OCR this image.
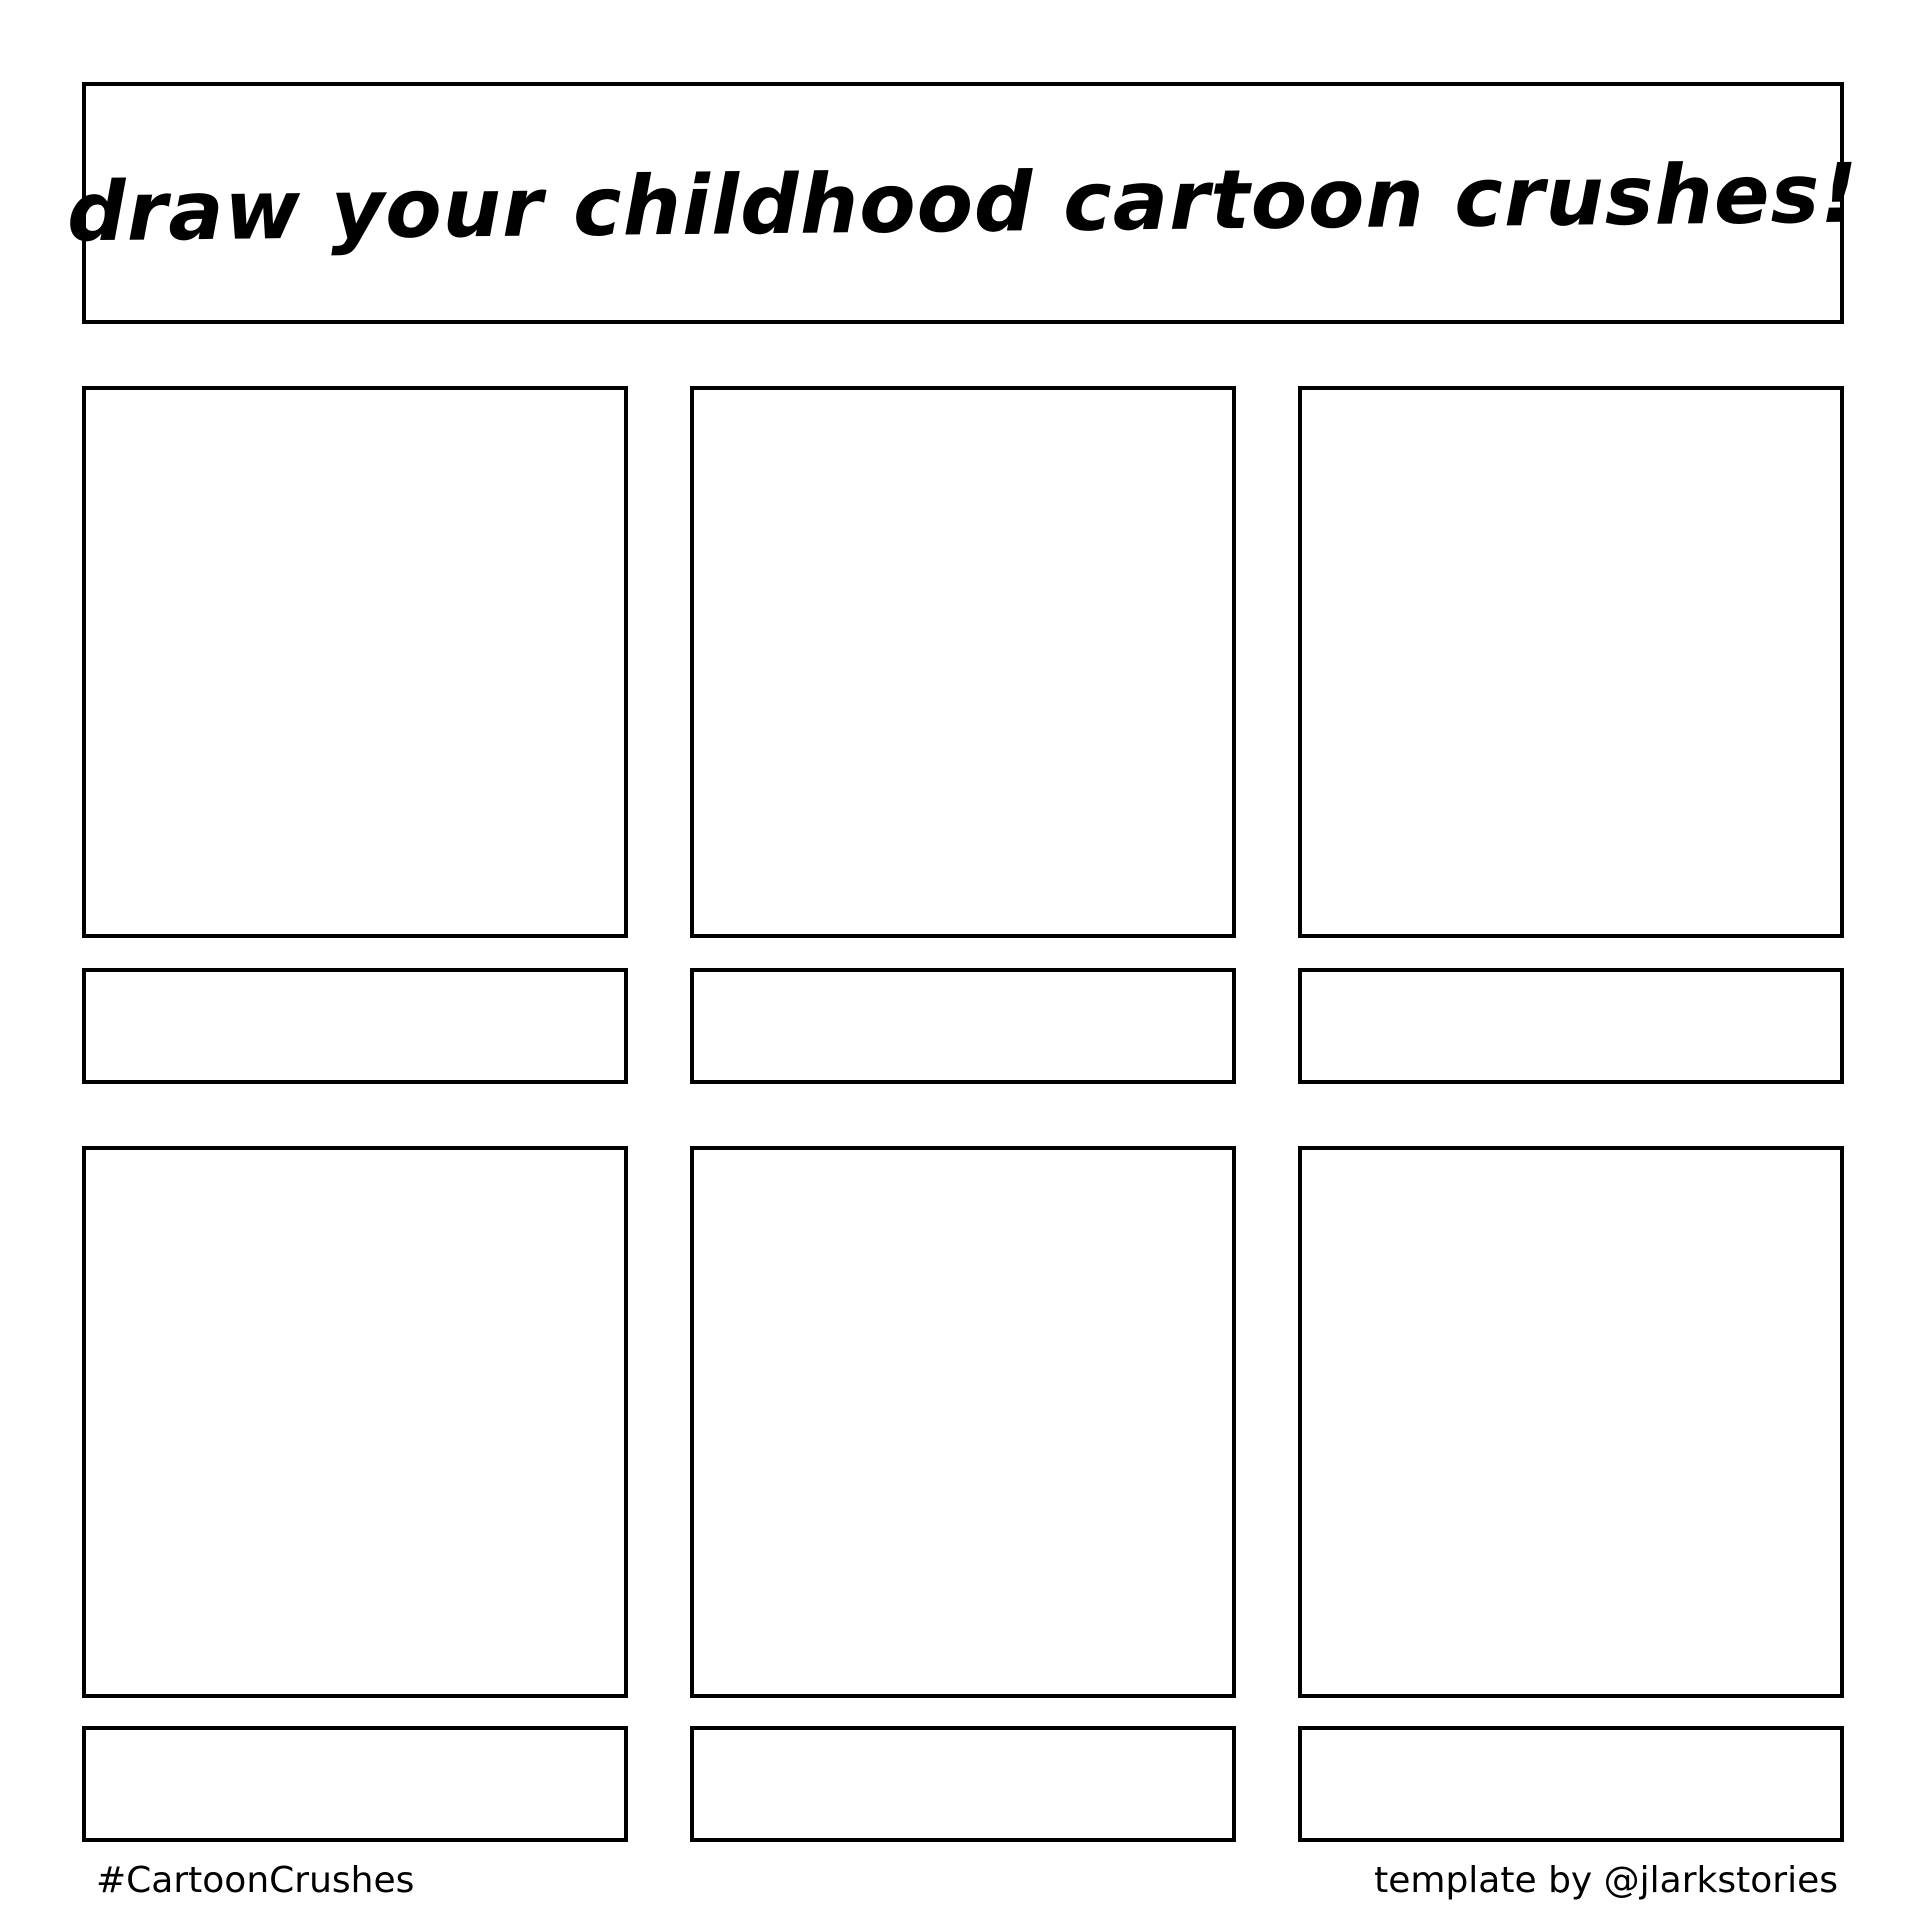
draw your childhood cartoon crushes!
#CartoonCrushes	template by @jlarkstories
